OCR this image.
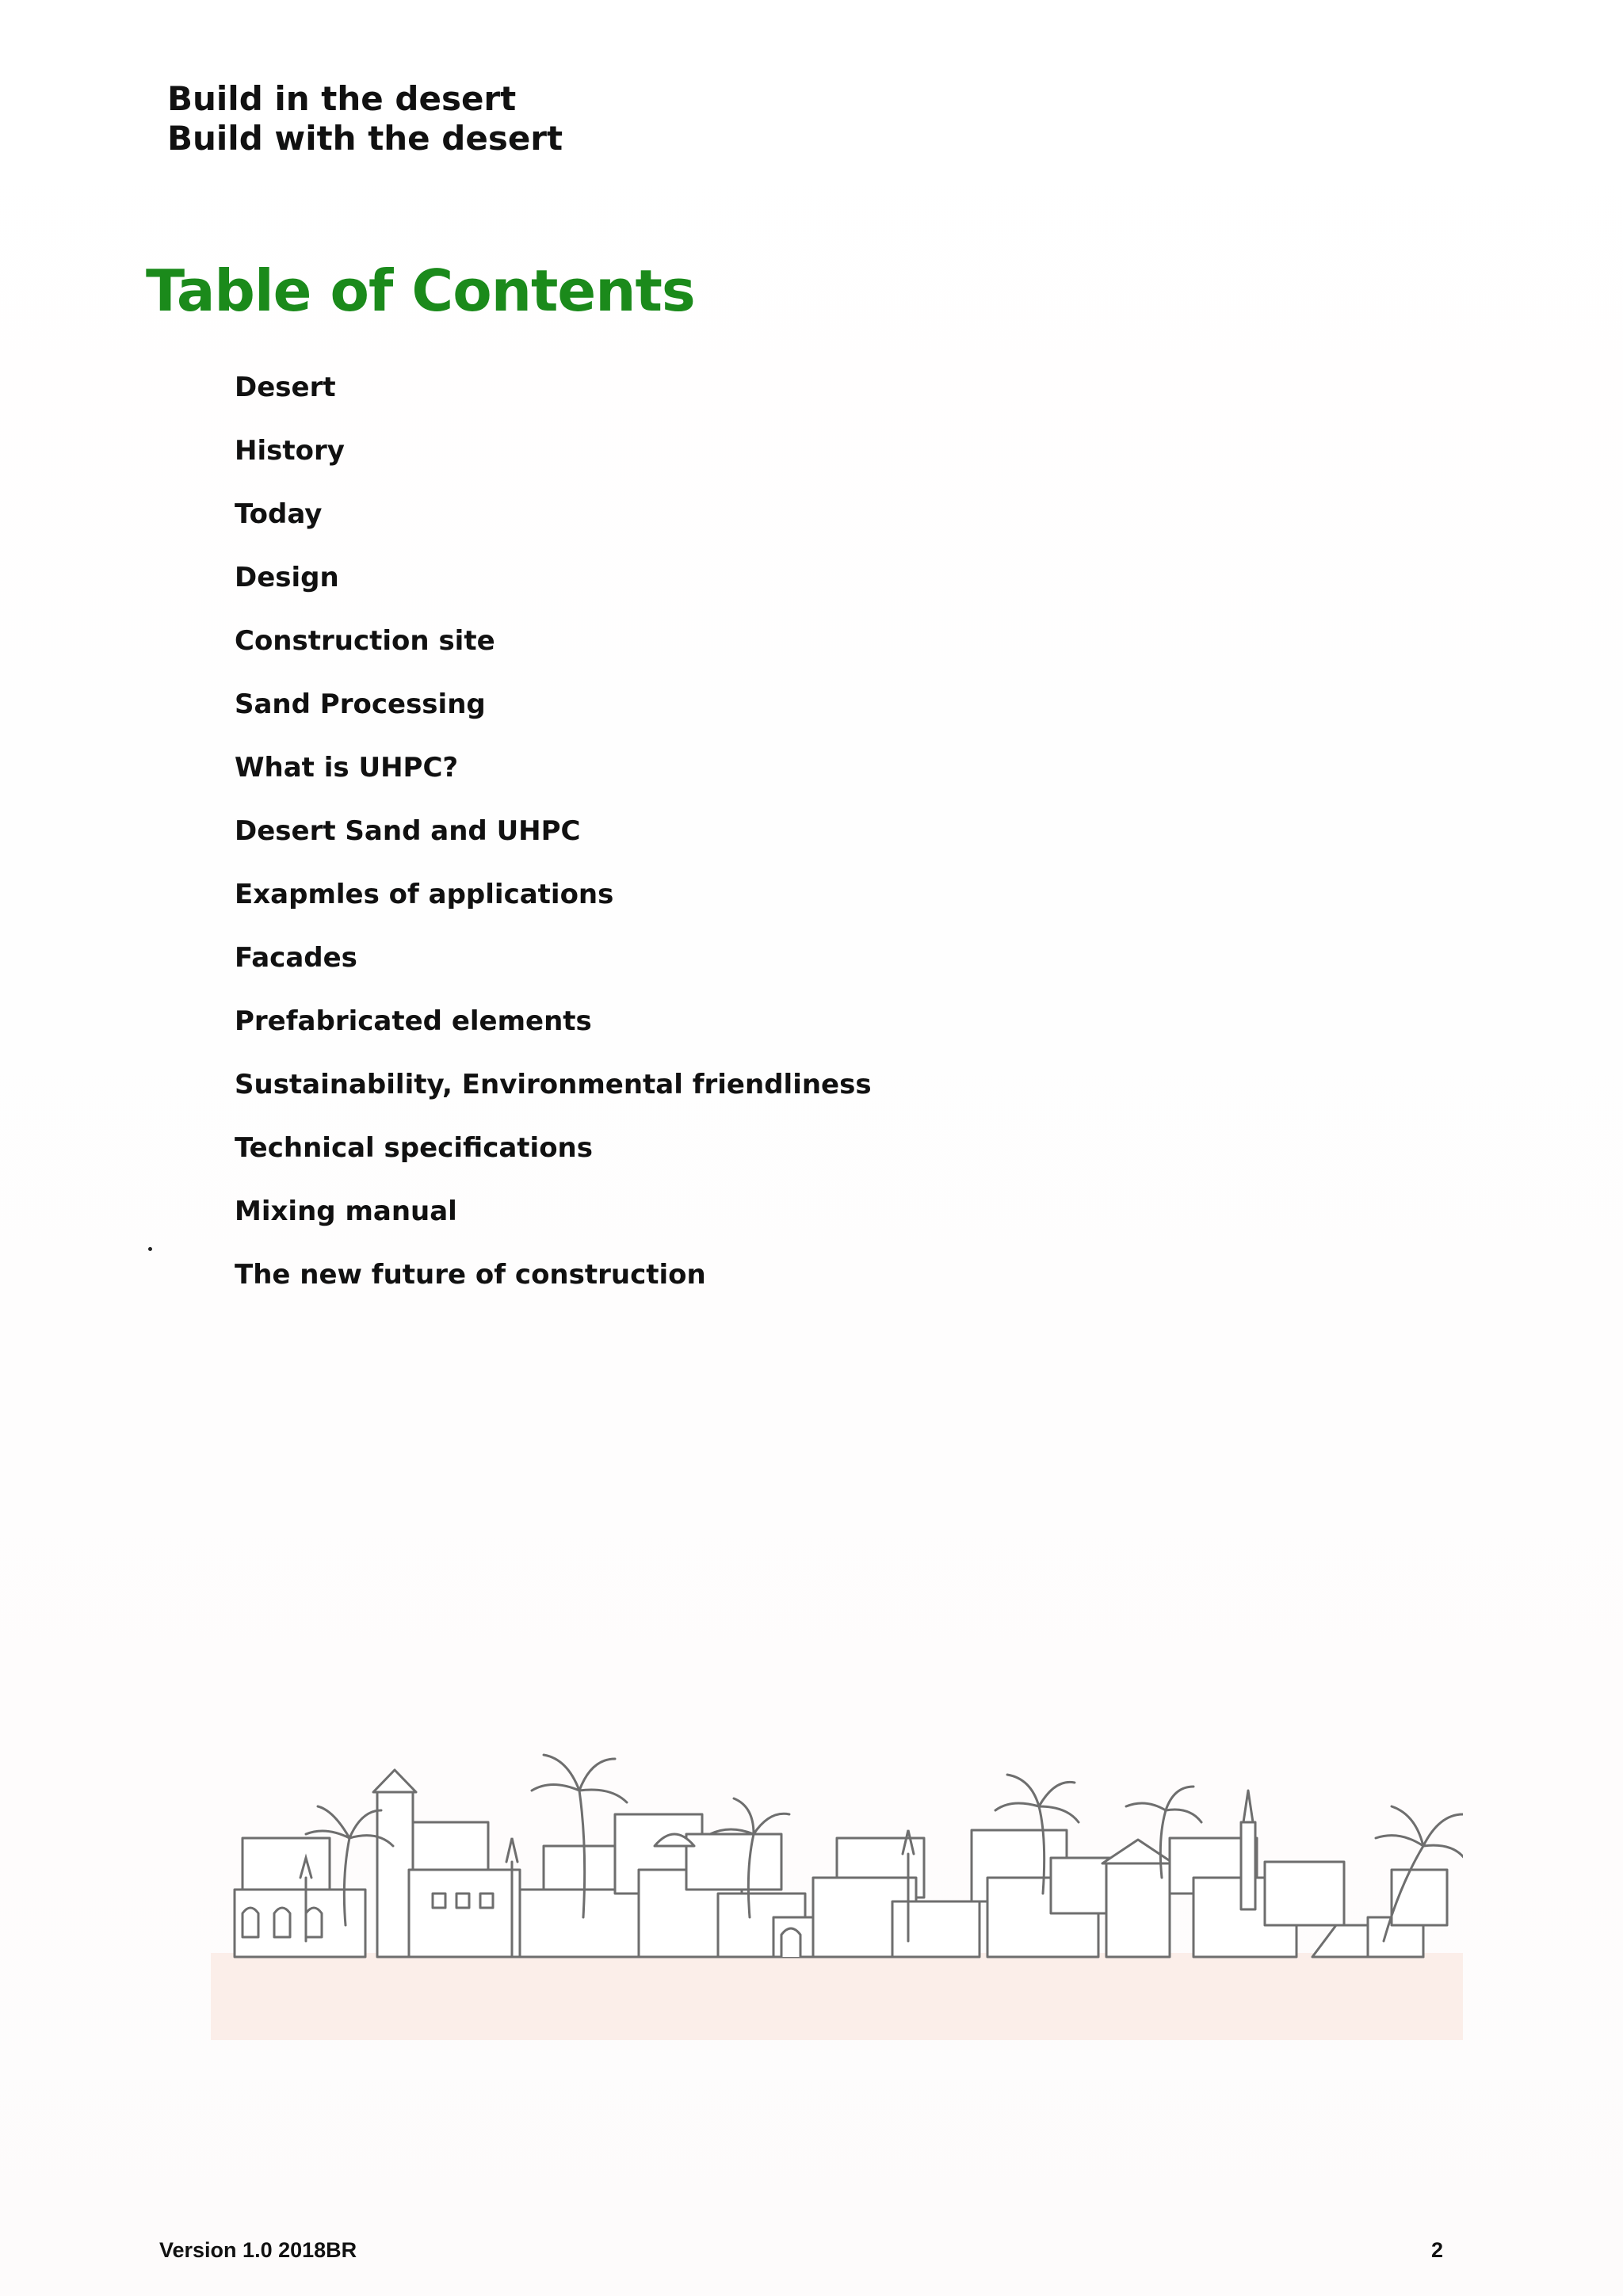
Build in the desert
Build with the desert
Table of Contents
Desert
History
Today
Design
Construction site
Sand Processing
What is UHPC?
Desert Sand and UHPC
Exapmles of applications
Facades
Prefabricated elements
Sustainability, Environmental friendliness
Technical specifications
Mixing manual
The new future of construction
Version 1.0 2018BR	2
